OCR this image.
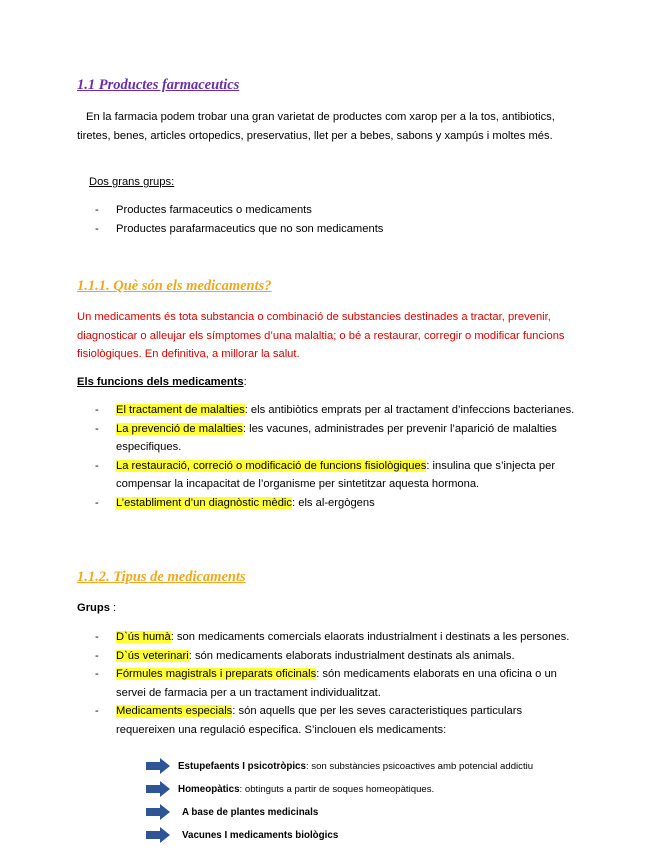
1.1 Productes farmaceutics

En la farmacia podem trobar una gran varietat de productes com xarop per a la tos, antibiotics, tiretes, benes, articles ortopedics, preservatius, llet per a bebes, sabons y xampús i moltes més.

Dos grans grups:

- Productes farmaceutics o medicaments
- Productes parafarmaceutics que no son medicaments
1.1.1. Què són els medicaments?

Un medicaments és tota substancia o combinació de substancies destinades a tractar, prevenir, diagnosticar o alleujar els símptomes d’una malaltia; o bé a restaurar, corregir o modificar funcions fisiològiques. En definitiva, a millorar la salut.

Els funcions dels medicaments:

- El tractament de malalties: els antibiòtics emprats per al tractament d’infeccions bacterianes.
- La prevenció de malalties: les vacunes, administrades per prevenir l’aparició de malalties especifiques.
- La restauració, correció o modificació de funcions fisiològiques: insulina que s’injecta per compensar la incapacitat de l’organisme per sintetitzar aquesta hormona.
- L’establiment d’un diagnòstic mèdic: els al-ergògens
1.1.2. Tipus de medicaments

Grups :

- D`ús humà: son medicaments comercials elaorats industrialment i destinats a les persones.
- D`ús veterinari: són medicaments elaborats industrialment destinats als animals.
- Fórmules magistrals i preparats oficinals: són medicaments elaborats en una oficina o un servei de farmacia per a un tractament individualitzat.
- Medicaments especials: són aquells que per les seves caracteristiques particulars requereixen una regulació especifica. S’inclouen els medicaments:
Estupefaents I psicotròpics: son substàncies psicoactives amb potencial addictiu
Homeopàtics: obtinguts a partir de soques homeopàtiques.
A base de plantes medicinals
Vacunes I medicaments biològics
